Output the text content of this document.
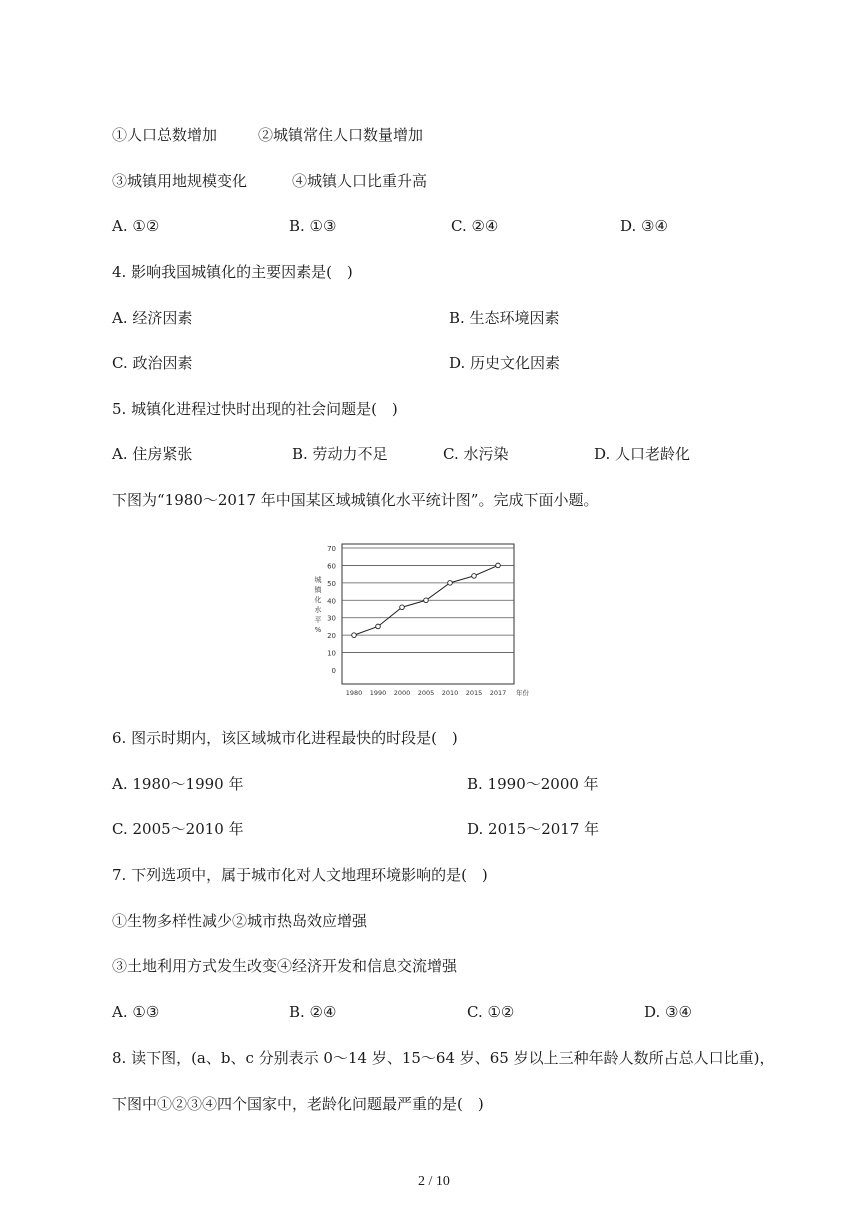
①人口总数增加	②城镇常住人口数量增加
③城镇用地规模变化	④城镇人口比重升高
A. ①②	B. ①③	C. ②④	D. ③④
4. 影响我国城镇化的主要因素是(　)
A. 经济因素	B. 生态环境因素
C. 政治因素	D. 历史文化因素
5. 城镇化进程过快时出现的社会问题是(　)
A. 住房紧张	B. 劳动力不足	C. 水污染	D. 人口老龄化
下图为“1980～2017 年中国某区域城镇化水平统计图”。完成下面小题。
0
10
20
30
40
50
60
70
1980 1990 2000 2005 2010 2015 2017 年份
城
镇
化
水
平
%
6. 图示时期内，该区域城市化进程最快的时段是(　)
A. 1980～1990 年	B. 1990～2000 年
C. 2005～2010 年	D. 2015～2017 年
7. 下列选项中，属于城市化对人文地理环境影响的是(　)
①生物多样性减少②城市热岛效应增强
③土地利用方式发生改变④经济开发和信息交流增强
A. ①③	B. ②④	C. ①②	D. ③④
8. 读下图，(a、b、c 分别表示 0～14 岁、15～64 岁、65 岁以上三种年龄人数所占总人口比重)，
下图中①②③④四个国家中，老龄化问题最严重的是(　)
2 / 10
